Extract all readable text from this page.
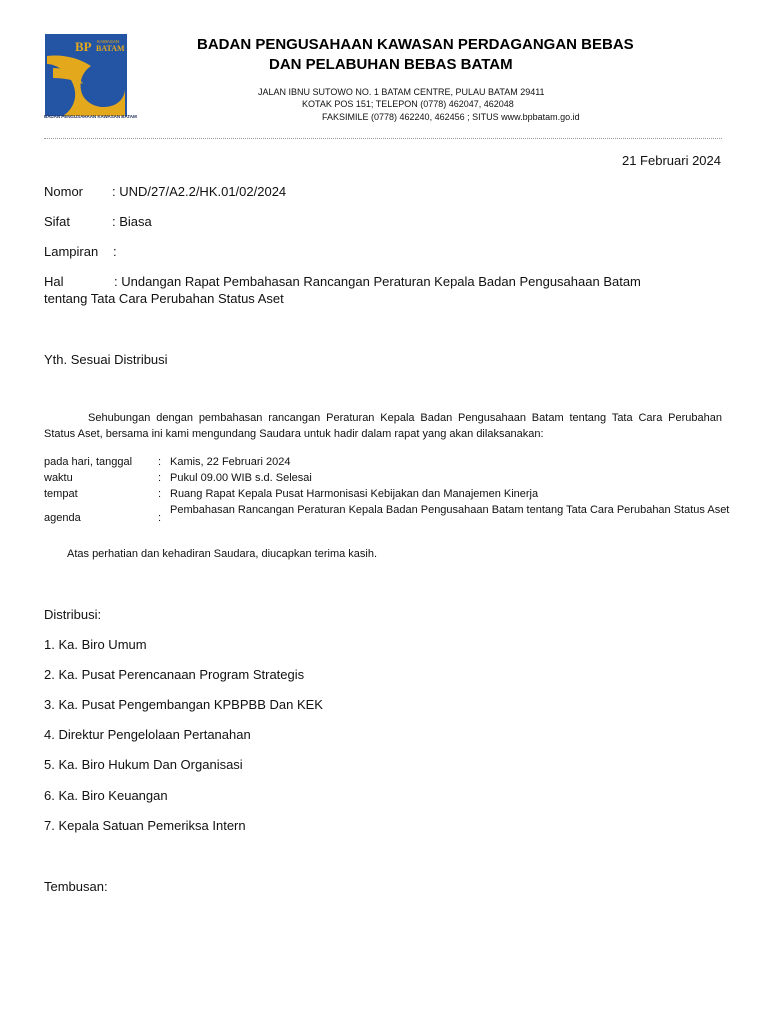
BP KAWASAN
BATAM
BADAN PENGUSAHAAN KAWASAN BATAM
BADAN PENGUSAHAAN KAWASAN PERDAGANGAN BEBAS
DAN PELABUHAN BEBAS BATAM
JALAN IBNU SUTOWO NO. 1 BATAM CENTRE, PULAU BATAM 29411
KOTAK POS 151; TELEPON (0778) 462047, 462048
FAKSIMILE (0778) 462240, 462456 ; SITUS www.bpbatam.go.id
21 Februari 2024
Nomor : UND/27/A2.2/HK.01/02/2024
Sifat	: Biasa
Lampiran :
Hal	: Undangan Rapat Pembahasan Rancangan Peraturan Kepala Badan Pengusahaan Batam
tentang Tata Cara Perubahan Status Aset
Yth. Sesuai Distribusi

Sehubungan dengan pembahasan rancangan Peraturan Kepala Badan Pengusahaan Batam tentang Tata Cara Perubahan Status Aset, bersama ini kami mengundang Saudara untuk hadir dalam rapat yang akan dilaksanakan:

pada hari, tanggal : Kamis, 22 Februari 2024
waktu	: Pukul 09.00 WIB s.d. Selesai
tempat	: Ruang Rapat Kepala Pusat Harmonisasi Kebijakan dan Manajemen Kinerja
agenda	:
Pembahasan Rancangan Peraturan Kepala Badan Pengusahaan Batam tentang Tata Cara Perubahan Status Aset
Atas perhatian dan kehadiran Saudara, diucapkan terima kasih.
Distribusi:
1. Ka. Biro Umum
2. Ka. Pusat Perencanaan Program Strategis
3. Ka. Pusat Pengembangan KPBPBB Dan KEK
4. Direktur Pengelolaan Pertanahan
5. Ka. Biro Hukum Dan Organisasi
6. Ka. Biro Keuangan
7. Kepala Satuan Pemeriksa Intern
Tembusan:
